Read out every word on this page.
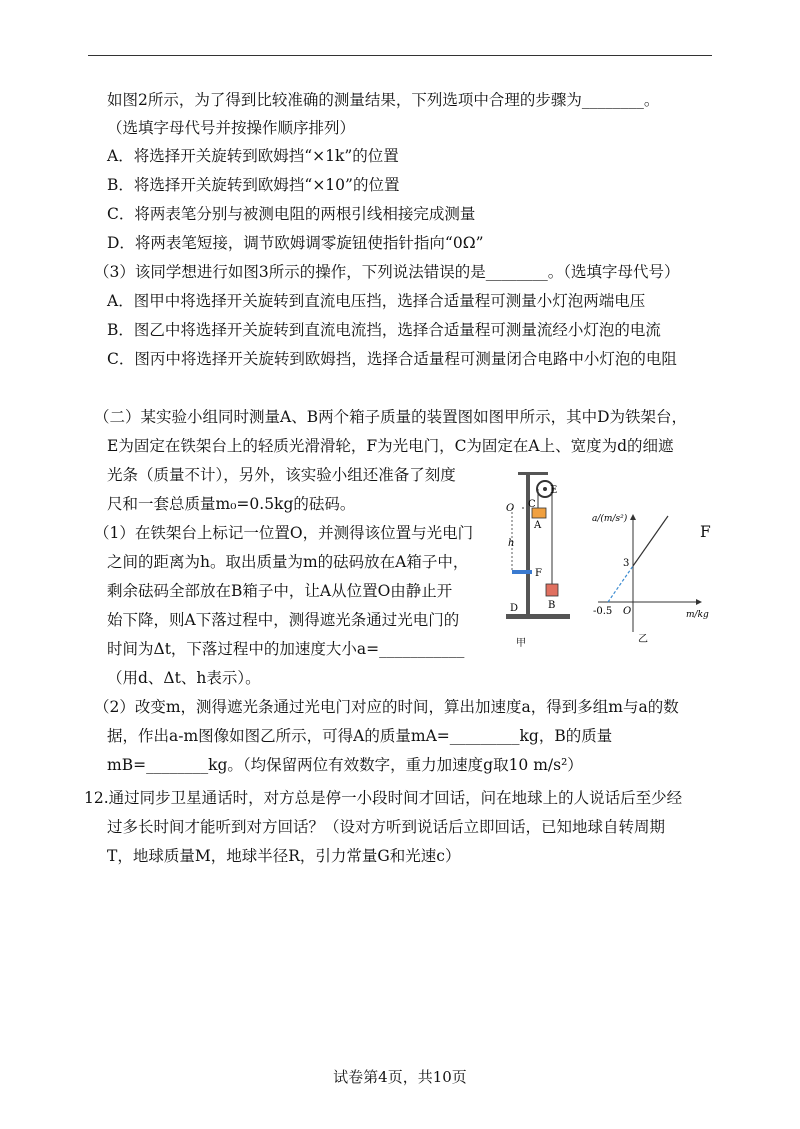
如图2所示，为了得到比较准确的测量结果，下列选项中合理的步骤为________。
（选填字母代号并按操作顺序排列）
A．将选择开关旋转到欧姆挡“×1k”的位置
B．将选择开关旋转到欧姆挡“×10”的位置
C．将两表笔分别与被测电阻的两根引线相接完成测量
D．将两表笔短接，调节欧姆调零旋钮使指针指向“0Ω”
（3）该同学想进行如图3所示的操作，下列说法错误的是________。（选填字母代号）
A．图甲中将选择开关旋转到直流电压挡，选择合适量程可测量小灯泡两端电压
B．图乙中将选择开关旋转到直流电流挡，选择合适量程可测量流经小灯泡的电流
C．图丙中将选择开关旋转到欧姆挡，选择合适量程可测量闭合电路中小灯泡的电阻
（二）某实验小组同时测量A、B两个箱子质量的装置图如图甲所示，其中D为铁架台，
E为固定在铁架台上的轻质光滑滑轮，F为光电门，C为固定在A上、宽度为d的细遮
光条（质量不计），另外，该实验小组还准备了刻度
尺和一套总质量m₀=0.5kg的砝码。
（1）在铁架台上标记一位置O，并测得该位置与光电门
之间的距离为h。取出质量为m的砝码放在A箱子中，
剩余砝码全部放在B箱子中，让A从位置O由静止开
始下降，则A下落过程中，测得遮光条通过光电门的
时间为Δt，下落过程中的加速度大小a=___________
（用d、Δt、h表示）。
（2）改变m，测得遮光条通过光电门对应的时间，算出加速度a，得到多组m与a的数
据，作出a-m图像如图乙所示，可得A的质量mA=_________kg，B的质量
mB=________kg。（均保留两位有效数字，重力加速度g取10 m/s²）
12.通过同步卫星通话时，对方总是停一小段时间才回话，问在地球上的人说话后至少经
过多长时间才能听到对方回话？（设对方听到说话后立即回话，已知地球自转周期
T，地球质量M，地球半径R，引力常量G和光速c）
E
O C
A
h
F
B
D
甲
a/(m/s²)
m/kg
O
-0.5
3
乙
F
试卷第4页，共10页
